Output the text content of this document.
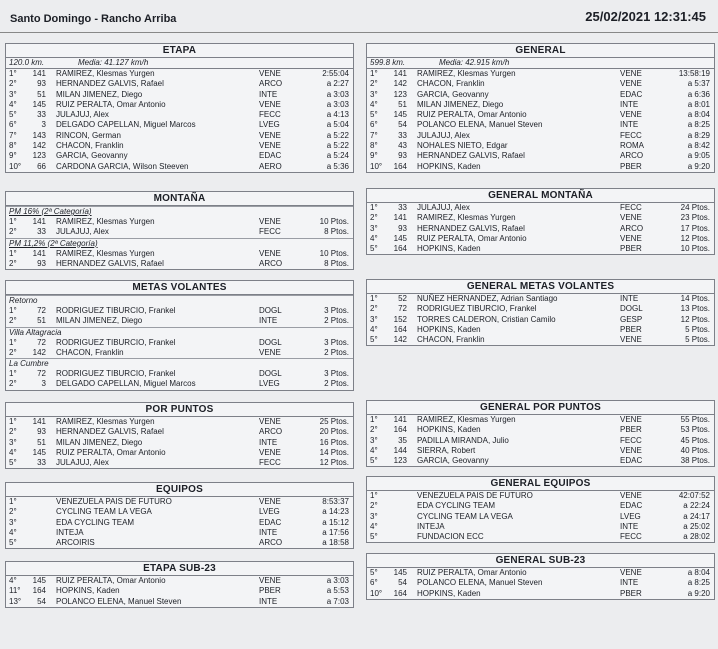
Santo Domingo - Rancho Arriba	25/02/2021 12:31:45
ETAPA
120.0 km.	Media: 41.127 km/h
1°	141 RAMIREZ, Klesmas Yurgen	VENE	2:55:04
2°	93 HERNANDEZ GALVIS, Rafael	ARCO	a 2:27
3°	51 MILAN JIMENEZ, Diego	INTE	a 3:03
4°	145 RUIZ PERALTA, Omar Antonio	VENE	a 3:03
5°	33 JULAJUJ, Alex	FECC	a 4:13
6°	3 DELGADO CAPELLAN, Miguel Marcos	LVEG	a 5:04
7°	143 RINCON, German	VENE	a 5:22
8°	142 CHACON, Franklin	VENE	a 5:22
9°	123 GARCIA, Geovanny	EDAC	a 5:24
10°	66 CARDONA GARCIA, Wilson Steeven	AERO	a 5:36
GENERAL
599.8 km.	Media: 42.915 km/h
1°	141 RAMIREZ, Klesmas Yurgen	VENE	13:58:19
2°	142 CHACON, Franklin	VENE	a 5:37
3°	123 GARCIA, Geovanny	EDAC	a 6:36
4°	51 MILAN JIMENEZ, Diego	INTE	a 8:01
5°	145 RUIZ PERALTA, Omar Antonio	VENE	a 8:04
6°	54 POLANCO ELENA, Manuel Steven	INTE	a 8:25
7°	33 JULAJUJ, Alex	FECC	a 8:29
8°	43 NOHALES NIETO, Edgar	ROMA	a 8:42
9°	93 HERNANDEZ GALVIS, Rafael	ARCO	a 9:05
10°	164 HOPKINS, Kaden	PBER	a 9:20
MONTAÑA
PM 16% (2ª Categoría)
1°	141 RAMIREZ, Klesmas Yurgen	VENE	10 Ptos.
2°	33 JULAJUJ, Alex	FECC	8 Ptos.
PM 11,2% (2ª Categoría)
1°	141 RAMIREZ, Klesmas Yurgen	VENE	10 Ptos.
2°	93 HERNANDEZ GALVIS, Rafael	ARCO	8 Ptos.
GENERAL MONTAÑA
1°	33 JULAJUJ, Alex	FECC	24 Ptos.
2°	141 RAMIREZ, Klesmas Yurgen	VENE	23 Ptos.
3°	93 HERNANDEZ GALVIS, Rafael	ARCO	17 Ptos.
4°	145 RUIZ PERALTA, Omar Antonio	VENE	12 Ptos.
5°	164 HOPKINS, Kaden	PBER	10 Ptos.
METAS VOLANTES
Retorno
1°	72 RODRIGUEZ TIBURCIO, Frankel	DOGL	3 Ptos.
2°	51 MILAN JIMENEZ, Diego	INTE	2 Ptos.
Villa Altagracia
1°	72 RODRIGUEZ TIBURCIO, Frankel	DOGL	3 Ptos.
2°	142 CHACON, Franklin	VENE	2 Ptos.
La Cumbre
1°	72 RODRIGUEZ TIBURCIO, Frankel	DOGL	3 Ptos.
2°	3 DELGADO CAPELLAN, Miguel Marcos	LVEG	2 Ptos.
GENERAL METAS VOLANTES
1°	52 NUÑEZ HERNANDEZ, Adrian Santiago	INTE	14 Ptos.
2°	72 RODRIGUEZ TIBURCIO, Frankel	DOGL	13 Ptos.
3°	152 TORRES CALDERON, Cristian Camilo	GESP	12 Ptos.
4°	164 HOPKINS, Kaden	PBER	5 Ptos.
5°	142 CHACON, Franklin	VENE	5 Ptos.
POR PUNTOS
1°	141 RAMIREZ, Klesmas Yurgen	VENE	25 Ptos.
2°	93 HERNANDEZ GALVIS, Rafael	ARCO	20 Ptos.
3°	51 MILAN JIMENEZ, Diego	INTE	16 Ptos.
4°	145 RUIZ PERALTA, Omar Antonio	VENE	14 Ptos.
5°	33 JULAJUJ, Alex	FECC	12 Ptos.
GENERAL POR PUNTOS
1°	141 RAMIREZ, Klesmas Yurgen	VENE	55 Ptos.
2°	164 HOPKINS, Kaden	PBER	53 Ptos.
3°	35 PADILLA MIRANDA, Julio	FECC	45 Ptos.
4°	144 SIERRA, Robert	VENE	40 Ptos.
5°	123 GARCIA, Geovanny	EDAC	38 Ptos.
EQUIPOS
1°	VENEZUELA PAIS DE FUTURO	VENE	8:53:37
2°	CYCLING TEAM LA VEGA	LVEG	a 14:23
3°	EDA CYCLING TEAM	EDAC	a 15:12
4°	INTEJA	INTE	a 17:56
5°	ARCOIRIS	ARCO	a 18:58
GENERAL EQUIPOS
1°	VENEZUELA PAIS DE FUTURO	VENE	42:07:52
2°	EDA CYCLING TEAM	EDAC	a 22:24
3°	CYCLING TEAM LA VEGA	LVEG	a 24:17
4°	INTEJA	INTE	a 25:02
5°	FUNDACION ECC	FECC	a 28:02
ETAPA SUB-23
4°	145 RUIZ PERALTA, Omar Antonio	VENE	a 3:03
11°	164 HOPKINS, Kaden	PBER	a 5:53
13°	54 POLANCO ELENA, Manuel Steven	INTE	a 7:03
GENERAL SUB-23
5°	145 RUIZ PERALTA, Omar Antonio	VENE	a 8:04
6°	54 POLANCO ELENA, Manuel Steven	INTE	a 8:25
10°	164 HOPKINS, Kaden	PBER	a 9:20
